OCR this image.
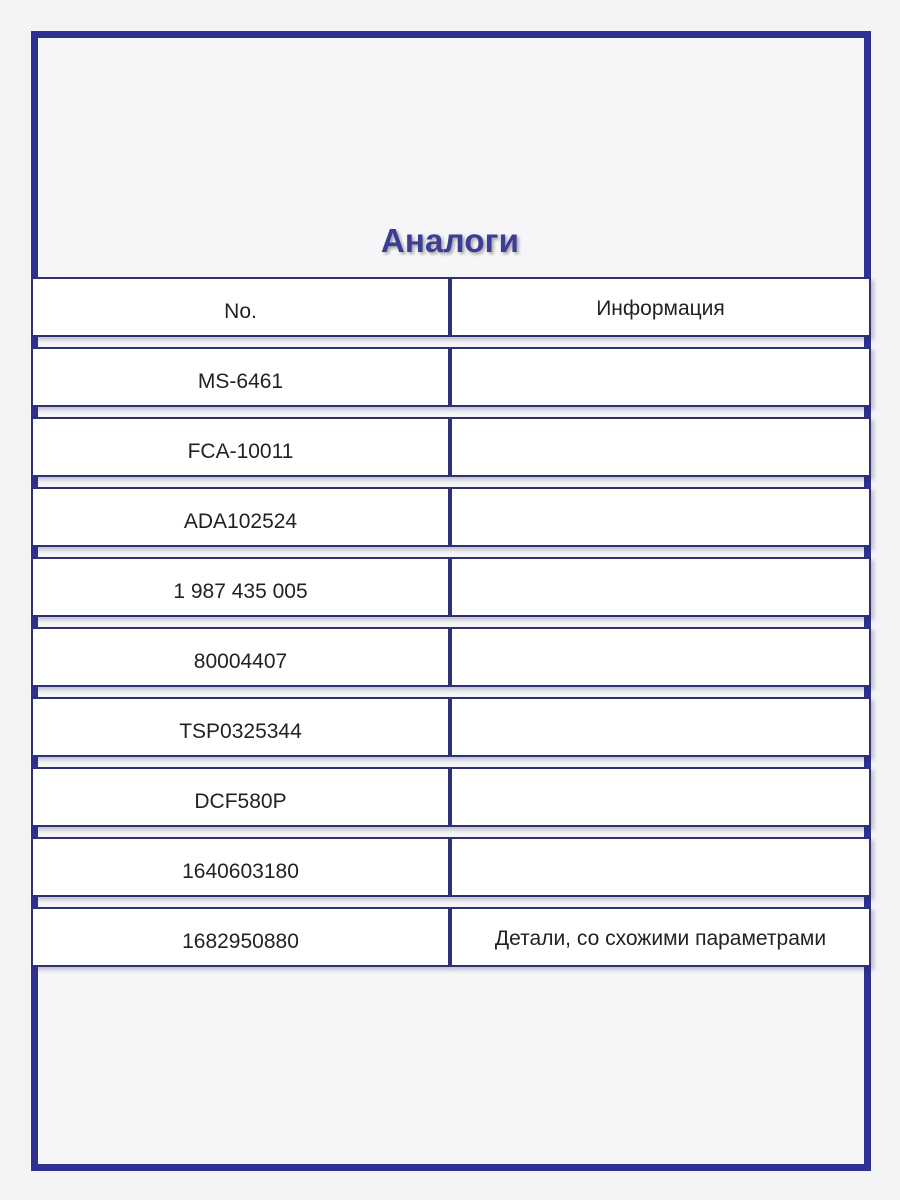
Аналоги
No.	Информация
MS-6461
FCA-10011
ADA102524
1 987 435 005
80004407
TSP0325344
DCF580P
1640603180
1682950880	Детали, со схожими параметрами
